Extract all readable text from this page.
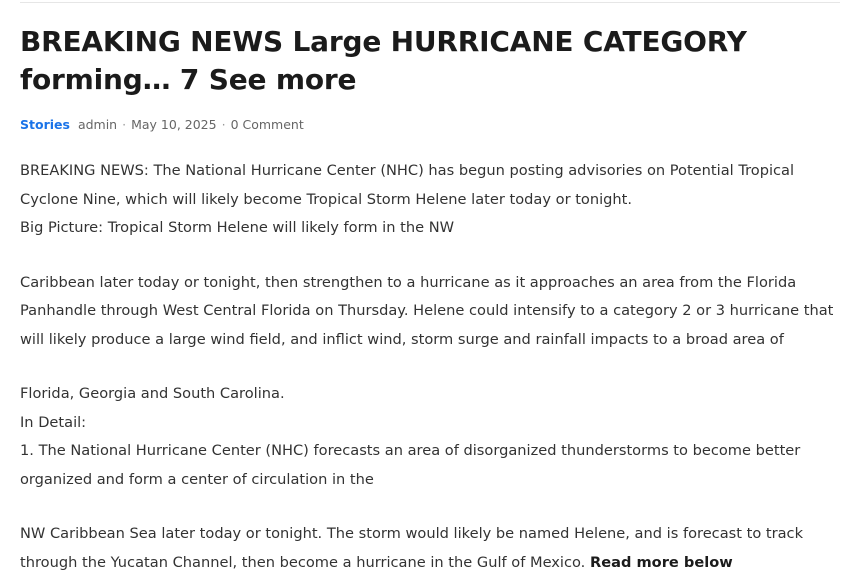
BREAKING NEWS Large HURRICANE CATEGORY forming… 7 See more
Stories admin · May 10, 2025 · 0 Comment

BREAKING NEWS: The National Hurricane Center (NHC) has begun posting advisories on Potential Tropical Cyclone Nine, which will likely become Tropical Storm Helene later today or tonight.

Big Picture: Tropical Storm Helene will likely form in the NW

Caribbean later today or tonight, then strengthen to a hurricane as it approaches an area from the Florida Panhandle through West Central Florida on Thursday. Helene could intensify to a category 2 or 3 hurricane that will likely produce a large wind field, and inflict wind, storm surge and rainfall impacts to a broad area of

Florida, Georgia and South Carolina.

In Detail:

1. The National Hurricane Center (NHC) forecasts an area of disorganized thunderstorms to become better organized and form a center of circulation in the

NW Caribbean Sea later today or tonight. The storm would likely be named Helene, and is forecast to track through the Yucatan Channel, then become a hurricane in the Gulf of Mexico. Read more below
